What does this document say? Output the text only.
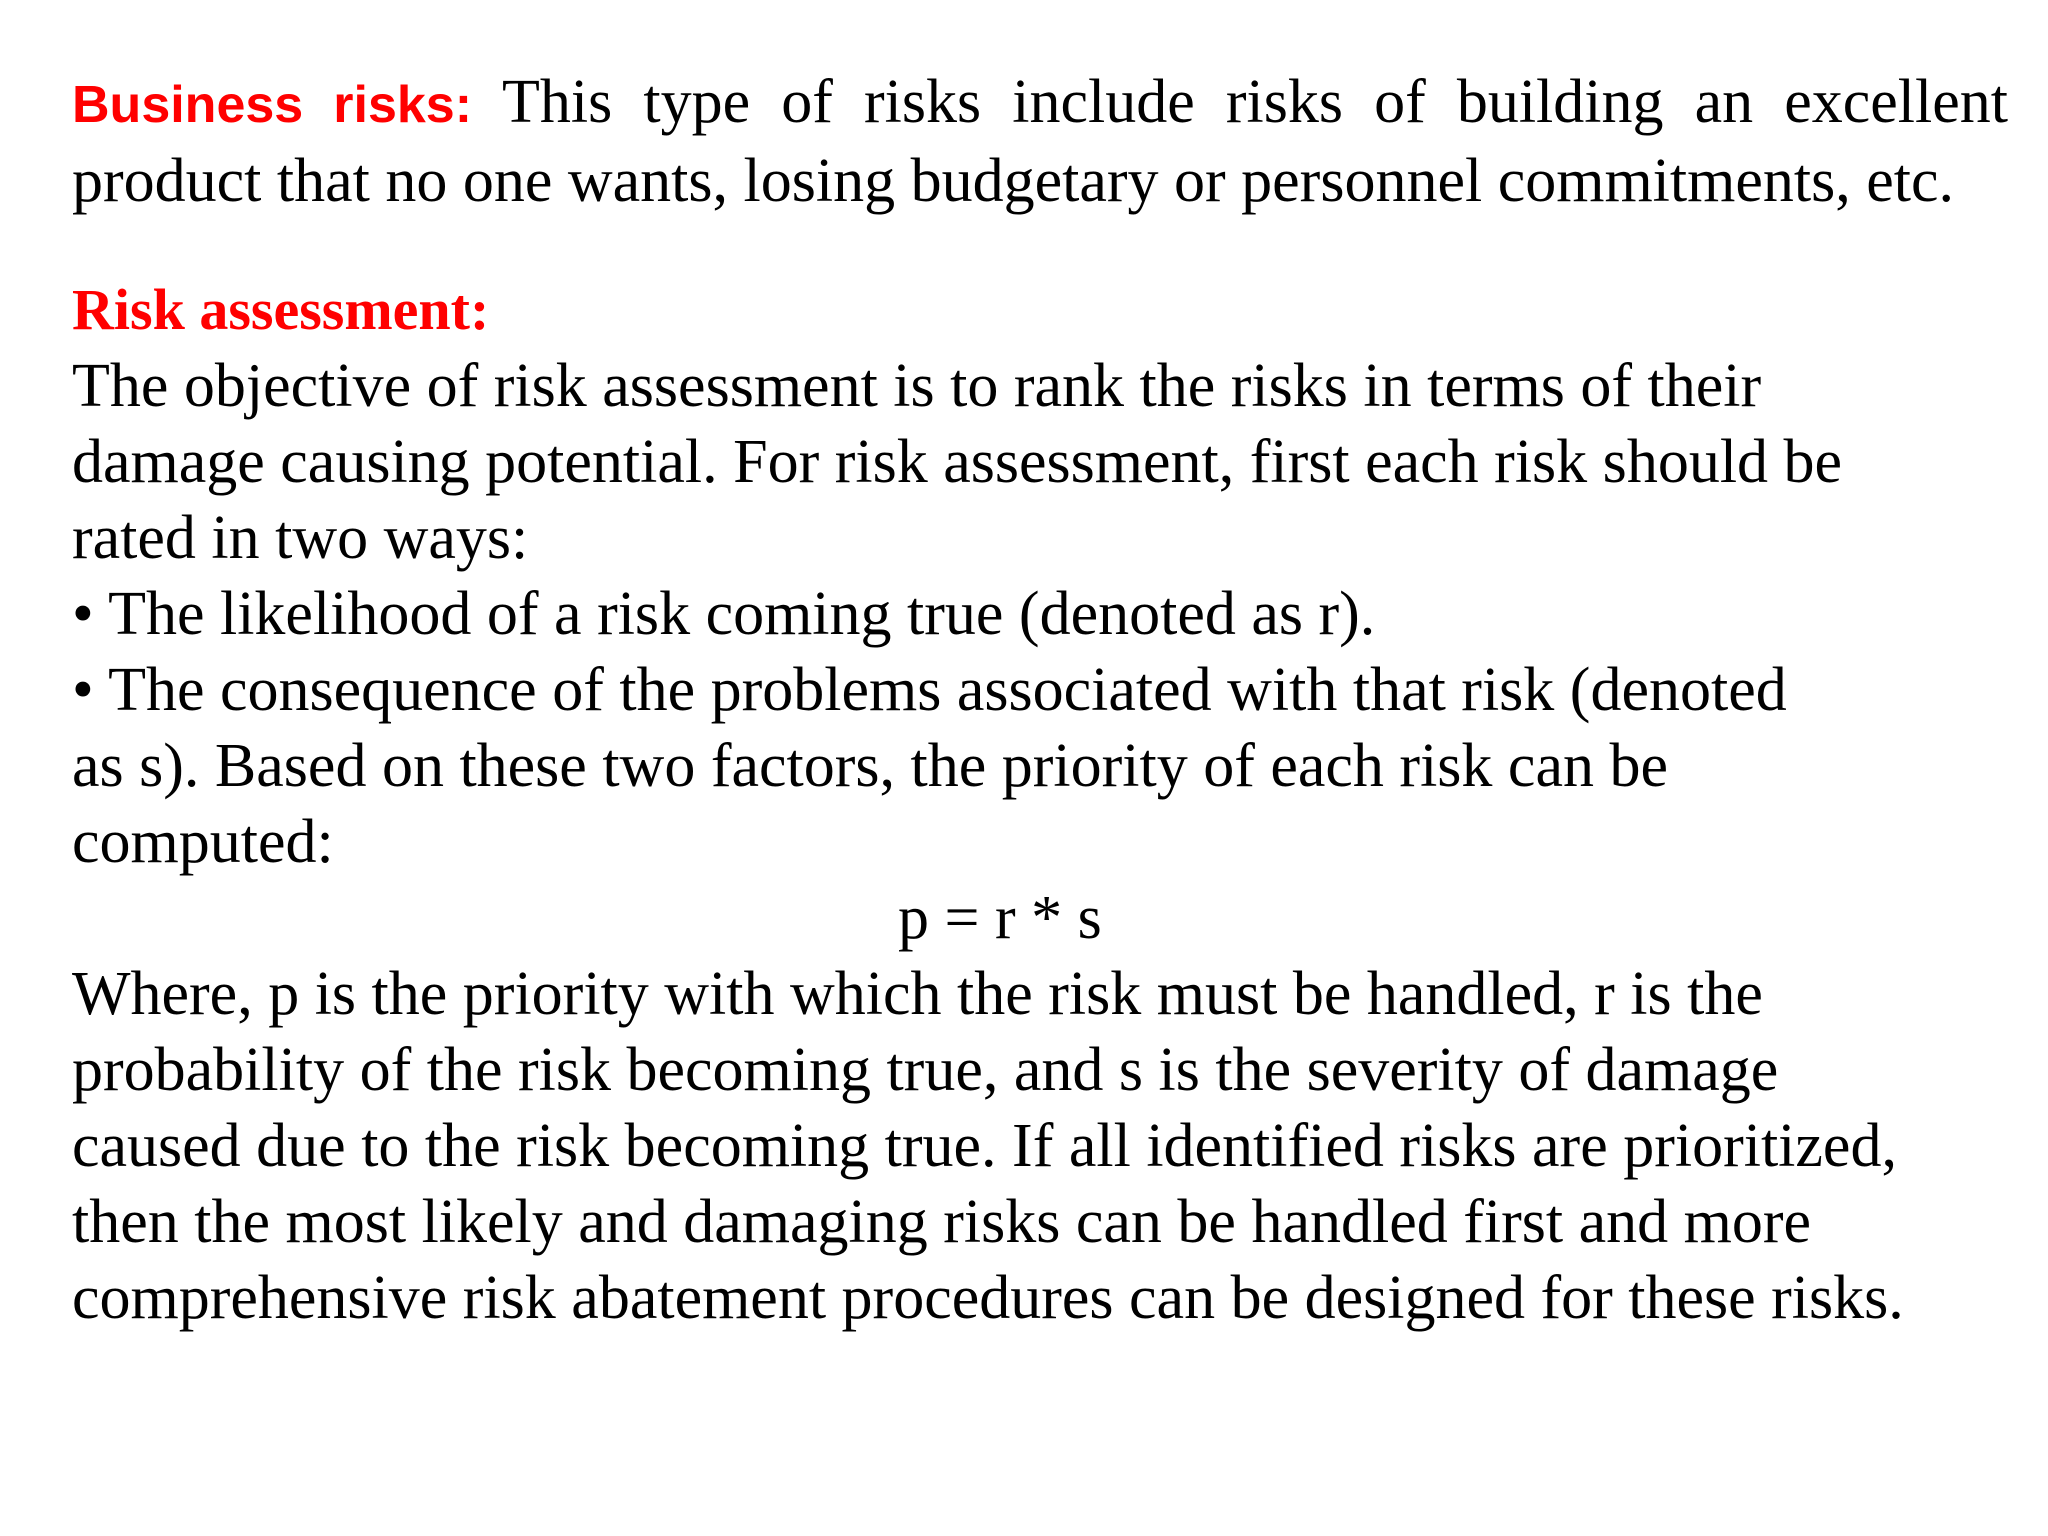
Business risks: This type of risks include risks of building an excellent product that no one wants, losing budgetary or personnel commitments, etc.
Risk assessment:
The objective of risk assessment is to rank the risks in terms of their
damage causing potential. For risk assessment, first each risk should be
rated in two ways:
• The likelihood of a risk coming true (denoted as r).
• The consequence of the problems associated with that risk (denoted
as s). Based on these two factors, the priority of each risk can be
computed:
p = r * s
Where, p is the priority with which the risk must be handled, r is the
probability of the risk becoming true, and s is the severity of damage
caused due to the risk becoming true. If all identified risks are prioritized,
then the most likely and damaging risks can be handled first and more
comprehensive risk abatement procedures can be designed for these risks.
